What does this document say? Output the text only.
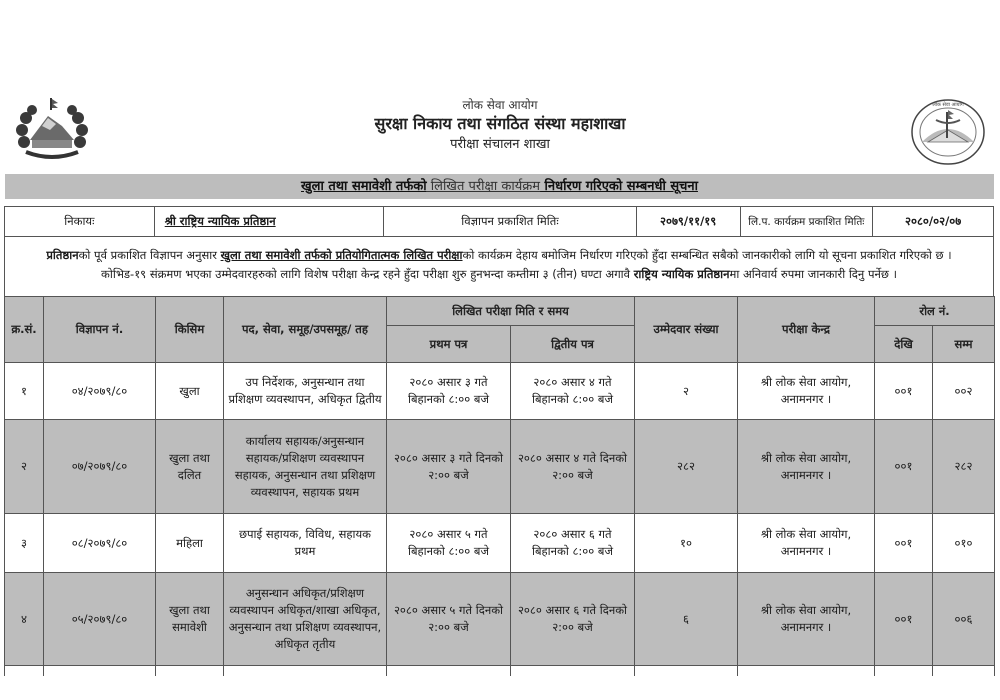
लोक सेवा आयोग
सुरक्षा निकाय तथा संगठित संस्था महाशाखा
परीक्षा संचालन शाखा
लोक सेवा आयोग
खुला तथा समावेशी तर्फको लिखित परीक्षा कार्यक्रम निर्धारण गरिएको सम्बनधी सूचना
निकायः	श्री राष्ट्रिय न्यायिक प्रतिष्ठान	विज्ञापन प्रकाशित मितिः	२०७९/११/१९	लि.प. कार्यक्रम प्रकाशित मितिः	२०८०/०२/०७
प्रतिष्ठानको पूर्व प्रकाशित विज्ञापन अनुसार खुला तथा समावेशी तर्फको प्रतियोगितात्मक लिखित परीक्षाको कार्यक्रम देहाय बमोजिम निर्धारण गरिएको हुँदा सम्बन्धित सबैको जानकारीको लागि यो सूचना प्रकाशित गरिएको छ । कोभिड-१९ संक्रमण भएका उम्मेदवारहरुको लागि विशेष परीक्षा केन्द्र रहने हुँदा परीक्षा शुरु हुनभन्दा कम्तीमा ३ (तीन) घण्टा अगावै राष्ट्रिय न्यायिक प्रतिष्ठानमा अनिवार्य रुपमा जानकारी दिनु पर्नेछ ।
क्र.सं.	विज्ञापन नं.	किसिम	पद, सेवा, समूह/उपसमूह/ तह	लिखित परीक्षा मिति र समय		उम्मेदवार संख्या	परीक्षा केन्द्र	रोल नं.	
				प्रथम पत्र	द्वितीय पत्र			देखि	सम्म
१	०४/२०७९/८०	खुला	उप निर्देशक, अनुसन्धान तथा प्रशिक्षण व्यवस्थापन, अधिकृत द्वितीय	२०८० असार ३ गते बिहानको ८:०० बजे	२०८० असार ४ गते बिहानको ८:०० बजे	२	श्री लोक सेवा आयोग, अनामनगर ।	००१	००२
२	०७/२०७९/८०	खुला तथा दलित	कार्यालय सहायक/अनुसन्धान सहायक/प्रशिक्षण व्यवस्थापन सहायक, अनुसन्धान तथा प्रशिक्षण व्यवस्थापन, सहायक प्रथम	२०८० असार ३ गते दिनको २:०० बजे	२०८० असार ४ गते दिनको २:०० बजे	२८२	श्री लोक सेवा आयोग, अनामनगर ।	००१	२८२
३	०८/२०७९/८०	महिला	छपाई सहायक, विविध, सहायक प्रथम	२०८० असार ५ गते बिहानको ८:०० बजे	२०८० असार ६ गते बिहानको ८:०० बजे	१०	श्री लोक सेवा आयोग, अनामनगर ।	००१	०१०
४	०५/२०७९/८०	खुला तथा समावेशी	अनुसन्धान अधिकृत/प्रशिक्षण व्यवस्थापन अधिकृत/शाखा अधिकृत, अनुसन्धान तथा प्रशिक्षण व्यवस्थापन, अधिकृत तृतीय	२०८० असार ५ गते दिनको २:०० बजे	२०८० असार ६ गते दिनको २:०० बजे	६	श्री लोक सेवा आयोग, अनामनगर ।	००१	००६
